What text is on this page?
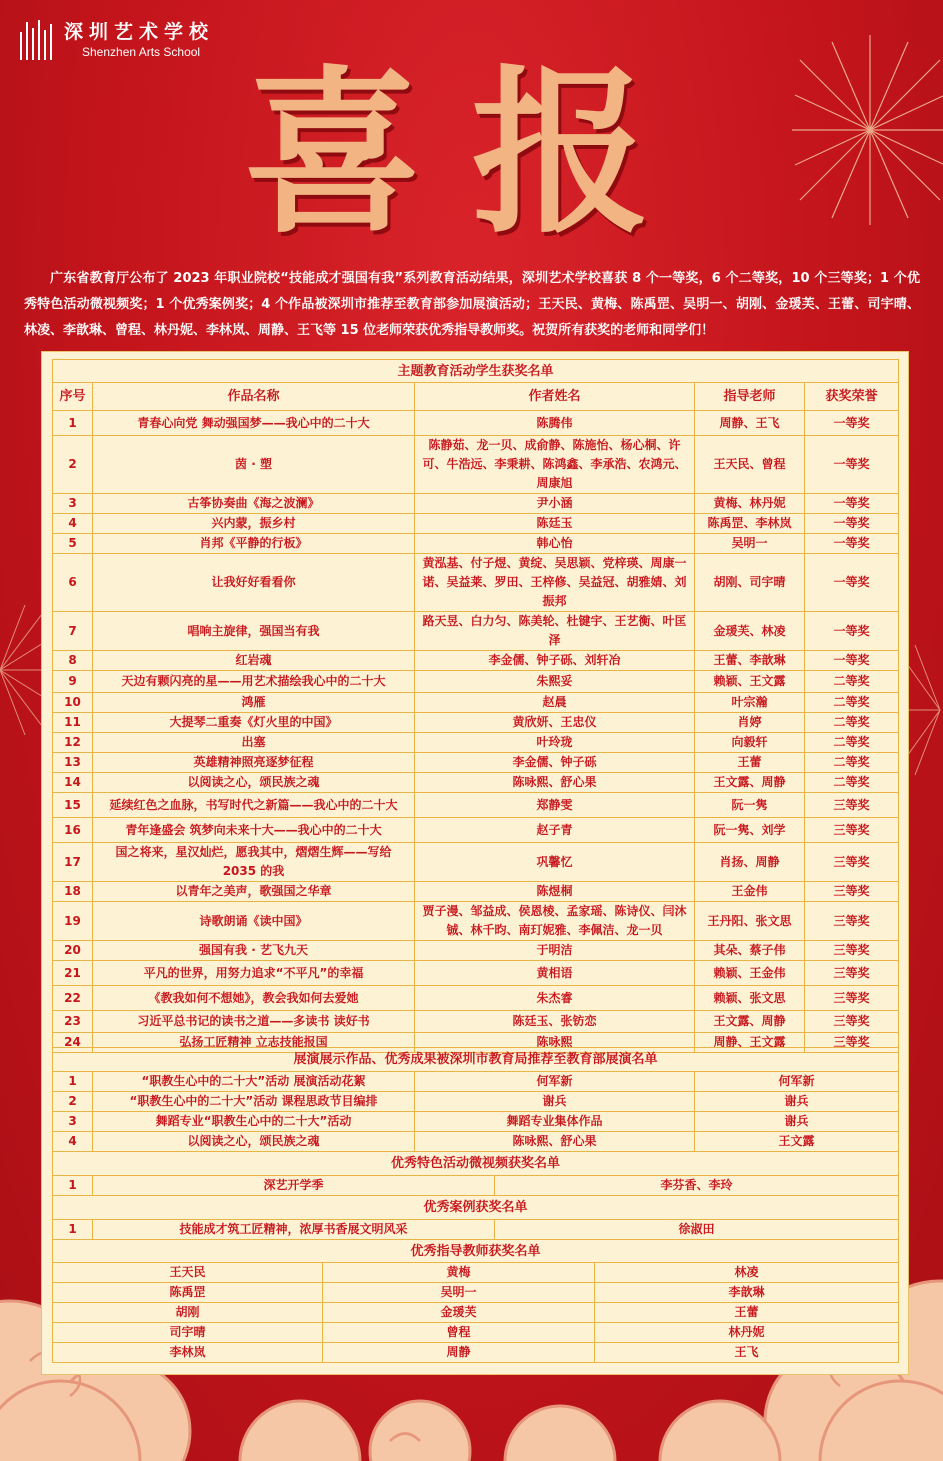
深圳艺术学校
Shenzhen Arts School 喜报
广东省教育厅公布了 2023 年职业院校“技能成才强国有我”系列教育活动结果，深圳艺术学校喜获 8 个一等奖，6 个二等奖，10 个三等奖；1 个优秀特色活动微视频奖；1 个优秀案例奖；4 个作品被深圳市推荐至教育部参加展演活动；王天民、黄梅、陈禹罡、吴明一、胡刚、金瑗芙、王蕾、司宇晴、林凌、李歆琳、曾程、林丹妮、李林岚、周静、王飞等 15 位老师荣获优秀指导教师奖。祝贺所有获奖的老师和同学们！
主题教育活动学生获奖名单				
序号	作品名称	作者姓名	指导老师	获奖荣誉
1	青春心向党 舞动强国梦——我心中的二十大	陈腾伟	周静、王飞	一等奖
2	茵 · 塑	陈静茹、龙一贝、成俞静、陈施怡、杨心桐、许可、牛浩远、李秉耕、陈鸿鑫、李承浩、农鸿元、周康旭	王天民、曾程	一等奖
3	古筝协奏曲《海之波澜》	尹小涵	黄梅、林丹妮	一等奖
4	兴内蒙，振乡村	陈廷玉	陈禹罡、李林岚	一等奖
5	肖邦《平静的行板》	韩心怡	吴明一	一等奖
6	让我好好看看你	黄泓基、付子煜、黄绽、吴思颖、党梓瑛、周康一诺、吴益莱、罗田、王梓修、吴益冠、胡雅婧、刘振邦	胡刚、司宇晴	一等奖
7	唱响主旋律，强国当有我	路天昱、白力匀、陈美轮、杜键宇、王艺衡、叶匡泽	金瑗芙、林凌	一等奖
8	红岩魂	李金儒、钟子砾、刘轩冶	王蕾、李歆琳	一等奖
9	天边有颗闪亮的星——用艺术描绘我心中的二十大	朱熙妥	赖颖、王文露	二等奖
10	鸿雁	赵晨	叶宗瀚	二等奖
11	大提琴二重奏《灯火里的中国》	黄欣妍、王忠仪	肖婷	二等奖
12	出塞	叶玲珑	向毅轩	二等奖
13	英雄精神照亮逐梦征程	李金儒、钟子砾	王蕾	二等奖
14	以阅读之心，颂民族之魂	陈咏熙、舒心果	王文露、周静	二等奖
15	延续红色之血脉，书写时代之新篇——我心中的二十大	郑静雯	阮一隽	三等奖
16	青年逢盛会 筑梦向未来十大——我心中的二十大	赵子青	阮一隽、刘学	三等奖
17	国之将来，星汉灿烂，愿我其中，熠熠生辉——写给 2035 的我	巩馨忆	肖扬、周静	三等奖
18	以青年之美声，歌强国之华章	陈煜桐	王金伟	三等奖
19	诗歌朗诵《读中国》	贾子漫、邹益成、侯恩棱、孟家瑶、陈诗仪、闫沐铖、林千昀、南玎妮雅、李佩洁、龙一贝	王丹阳、张文思	三等奖
20	强国有我 · 艺飞九天	于明洁	其朵、蔡子伟	三等奖
21	平凡的世界，用努力追求“不平凡”的幸福	黄相语	赖颖、王金伟	三等奖
22	《教我如何不想她》，教会我如何去爱她	朱杰睿	赖颖、张文思	三等奖
23	习近平总书记的读书之道——多读书 读好书	陈廷玉、张钫恋	王文露、周静	三等奖
24	弘扬工匠精神 立志技能报国	陈咏熙	周静、王文露	三等奖
展演展示作品、优秀成果被深圳市教育局推荐至教育部展演名单			
1	“职教生心中的二十大”活动 展演活动花絮	何军新	何军新
2	“职教生心中的二十大”活动 课程思政节目编排	谢兵	谢兵
3	舞蹈专业“职教生心中的二十大”活动	舞蹈专业集体作品	谢兵
4	以阅读之心，颂民族之魂	陈咏熙、舒心果	王文露
优秀特色活动微视频获奖名单
1	深艺开学季	李芬香、李玲
优秀案例获奖名单
1	技能成才筑工匠精神，浓厚书香展文明风采	徐淑田
优秀指导教师获奖名单		
王天民	黄梅	林凌
陈禹罡	吴明一	李歆琳
胡刚	金瑗芙	王蕾
司宇晴	曾程	林丹妮
李林岚	周静	王飞
